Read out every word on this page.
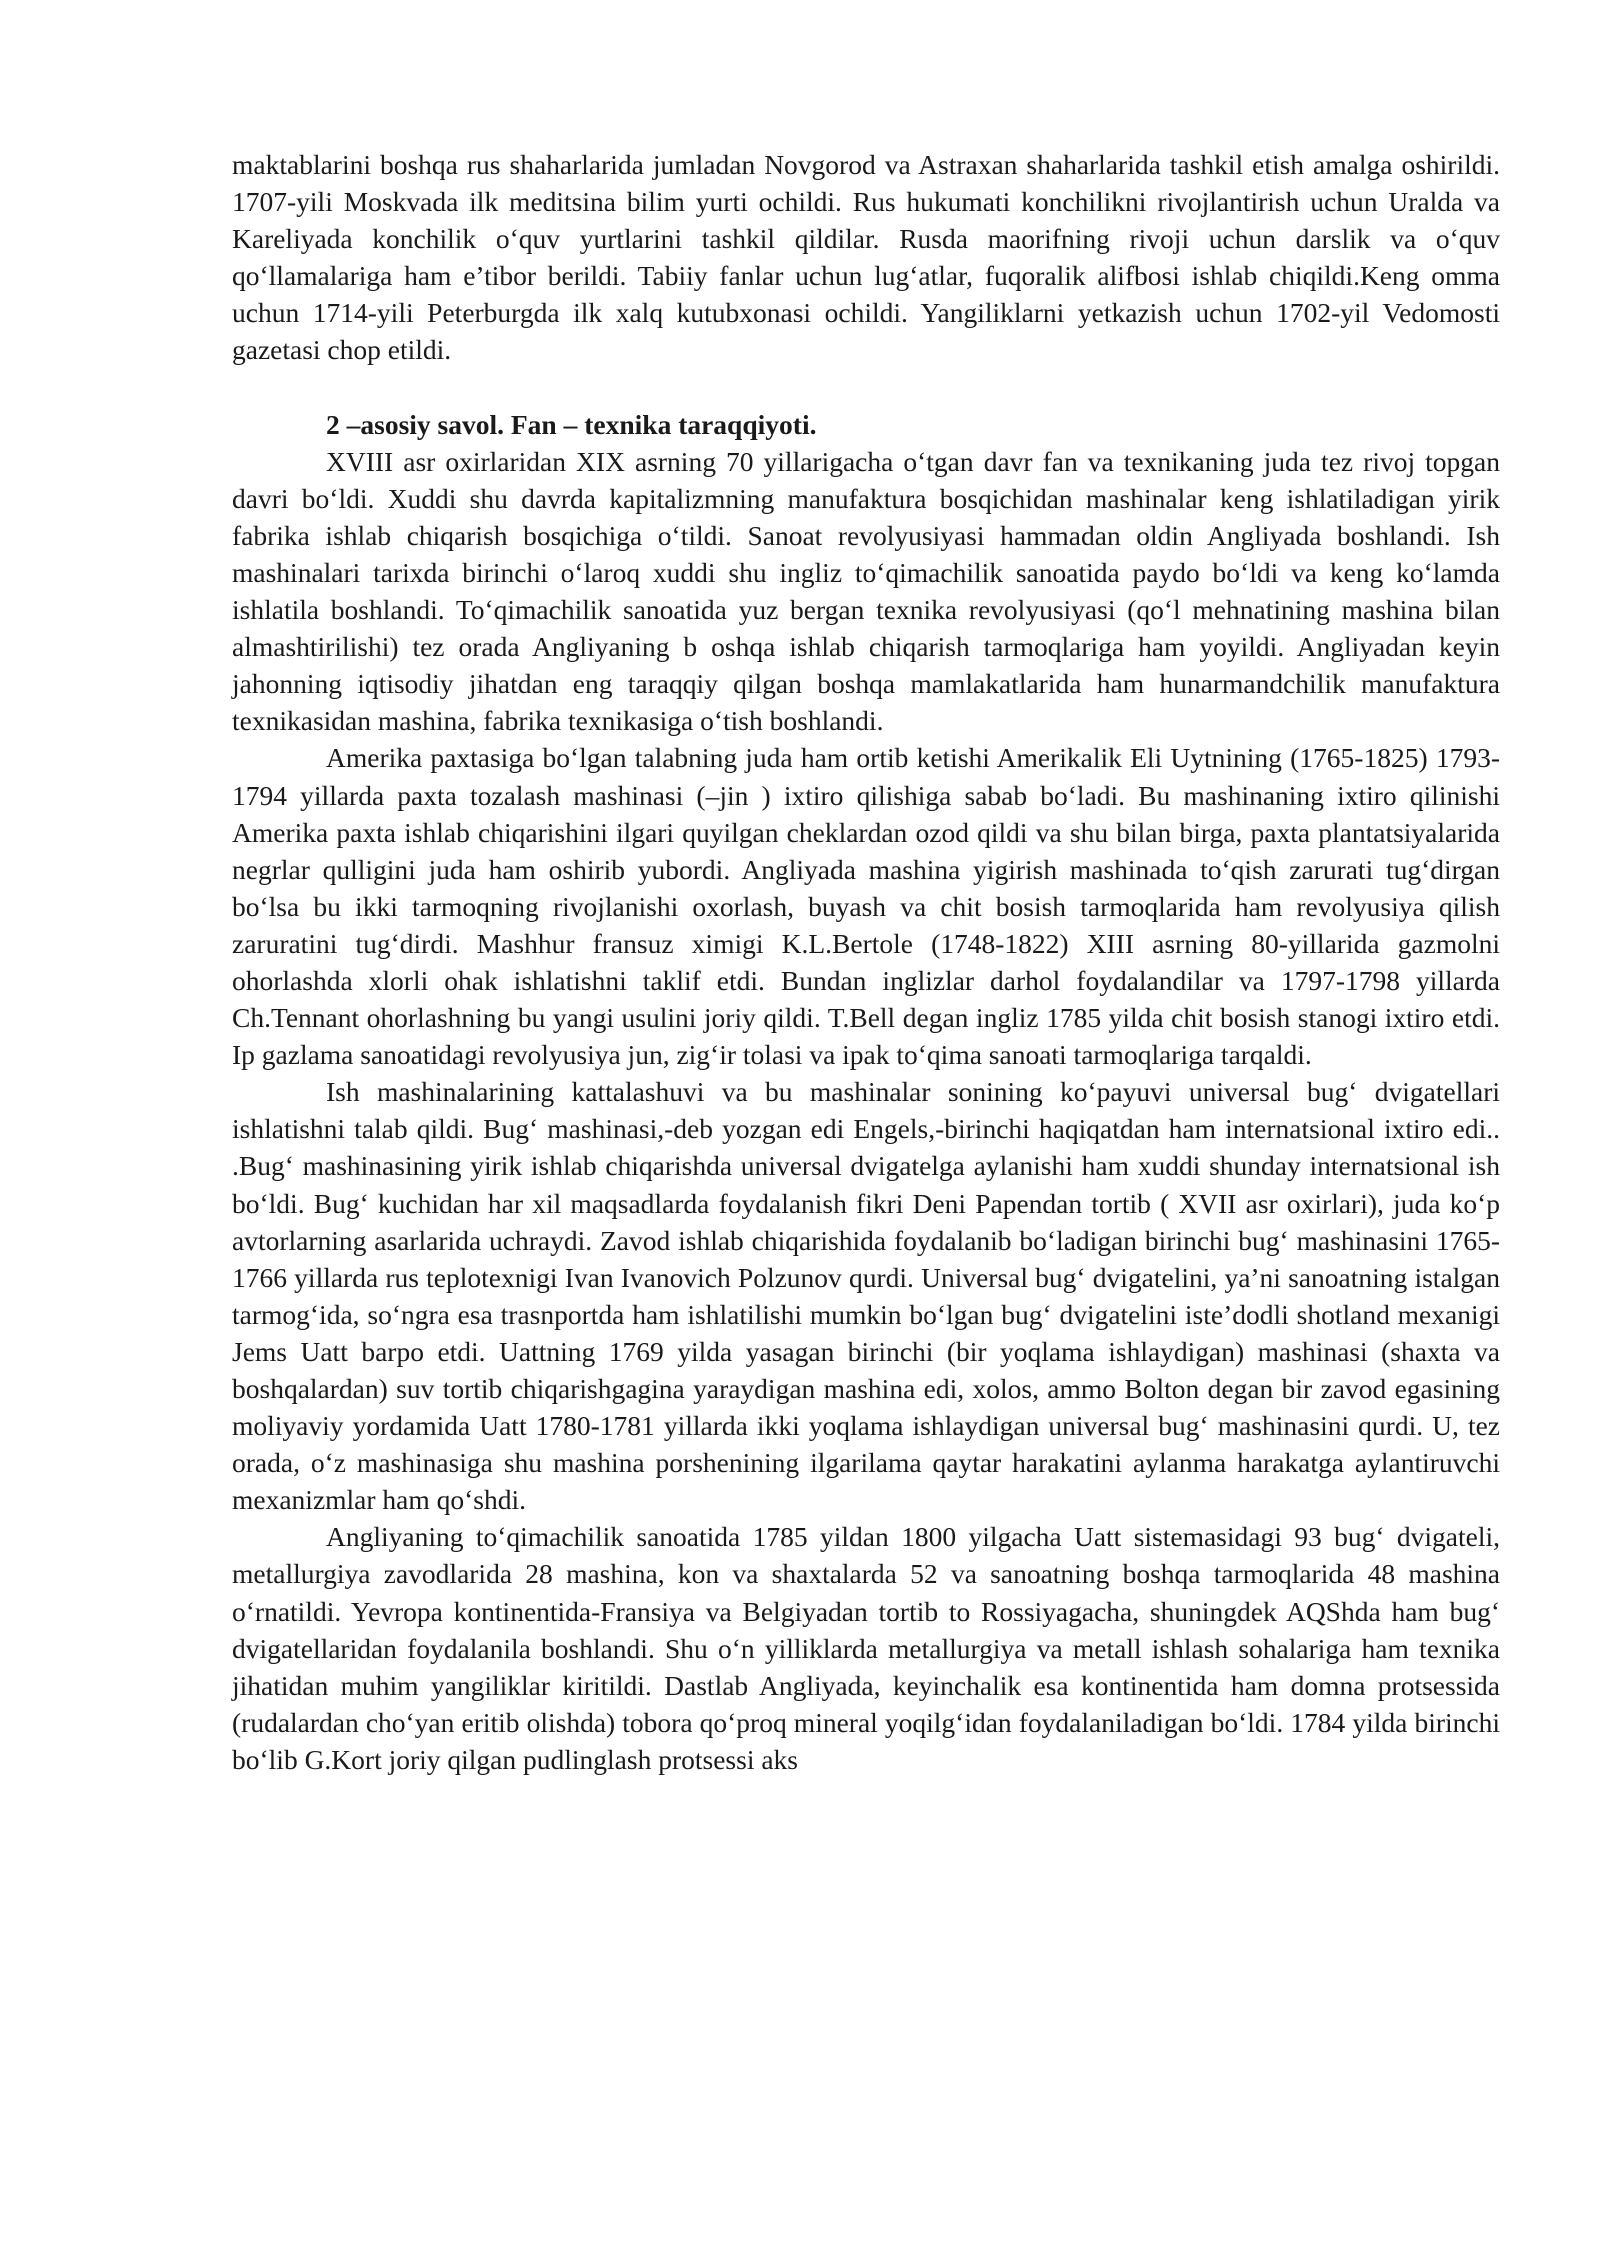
maktablarini boshqa rus shaharlarida jumladan Novgorod va Astraxan shaharlarida tashkil etish amalga oshirildi. 1707-yili Moskvada ilk meditsina bilim yurti ochildi. Rus hukumati konchilikni rivojlantirish uchun Uralda va Kareliyada konchilik o‘quv yurtlarini tashkil qildilar. Rusda maorifning rivoji uchun darslik va o‘quv qo‘llamalariga ham e’tibor berildi. Tabiiy fanlar uchun lug‘atlar, fuqoralik alifbosi ishlab chiqildi.Keng omma uchun 1714-yili Peterburgda ilk xalq kutubxonasi ochildi. Yangiliklarni yetkazish uchun 1702-yil Vedomosti gazetasi chop etildi.

2 –asosiy savol. Fan – texnika taraqqiyoti.

XVIII asr oxirlaridan XIX asrning 70 yillarigacha o‘tgan davr fan va texnikaning juda tez rivoj topgan davri bo‘ldi. Xuddi shu davrda kapitalizmning manufaktura bosqichidan mashinalar keng ishlatiladigan yirik fabrika ishlab chiqarish bosqichiga o‘tildi. Sanoat revolyusiyasi hammadan oldin Angliyada boshlandi. Ish mashinalari tarixda birinchi o‘laroq xuddi shu ingliz to‘qimachilik sanoatida paydo bo‘ldi va keng ko‘lamda ishlatila boshlandi. To‘qimachilik sanoatida yuz bergan texnika revolyusiyasi (qo‘l mehnatining mashina bilan almashtirilishi) tez orada Angliyaning b oshqa ishlab chiqarish tarmoqlariga ham yoyildi. Angliyadan keyin jahonning iqtisodiy jihatdan eng taraqqiy qilgan boshqa mamlakatlarida ham hunarmandchilik manufaktura texnikasidan mashina, fabrika texnikasiga o‘tish boshlandi.

Amerika paxtasiga bo‘lgan talabning juda ham ortib ketishi Amerikalik Eli Uytnining (1765-1825) 1793-1794 yillarda paxta tozalash mashinasi (–jin ) ixtiro qilishiga sabab bo‘ladi. Bu mashinaning ixtiro qilinishi Amerika paxta ishlab chiqarishini ilgari quyilgan cheklardan ozod qildi va shu bilan birga, paxta plantatsiyalarida negrlar qulligini juda ham oshirib yubordi. Angliyada mashina yigirish mashinada to‘qish zarurati tug‘dirgan bo‘lsa bu ikki tarmoqning rivojlanishi oxorlash, buyash va chit bosish tarmoqlarida ham revolyusiya qilish zaruratini tug‘dirdi. Mashhur fransuz ximigi K.L.Bertole (1748-1822) XIII asrning 80-yillarida gazmolni ohorlashda xlorli ohak ishlatishni taklif etdi. Bundan inglizlar darhol foydalandilar va 1797-1798 yillarda Ch.Tennant ohorlashning bu yangi usulini joriy qildi. T.Bell degan ingliz 1785 yilda chit bosish stanogi ixtiro etdi. Ip gazlama sanoatidagi revolyusiya jun, zig‘ir tolasi va ipak to‘qima sanoati tarmoqlariga tarqaldi.

Ish mashinalarining kattalashuvi va bu mashinalar sonining ko‘payuvi universal bug‘ dvigatellari ishlatishni talab qildi. Bug‘ mashinasi,-deb yozgan edi Engels,-birinchi haqiqatdan ham internatsional ixtiro edi.. .Bug‘ mashinasining yirik ishlab chiqarishda universal dvigatelga aylanishi ham xuddi shunday internatsional ish bo‘ldi. Bug‘ kuchidan har xil maqsadlarda foydalanish fikri Deni Papendan tortib ( XVII asr oxirlari), juda ko‘p avtorlarning asarlarida uchraydi. Zavod ishlab chiqarishida foydalanib bo‘ladigan birinchi bug‘ mashinasini 1765-1766 yillarda rus teplotexnigi Ivan Ivanovich Polzunov qurdi. Universal bug‘ dvigatelini, ya’ni sanoatning istalgan tarmog‘ida, so‘ngra esa trasnportda ham ishlatilishi mumkin bo‘lgan bug‘ dvigatelini iste’dodli shotland mexanigi Jems Uatt barpo etdi. Uattning 1769 yilda yasagan birinchi (bir yoqlama ishlaydigan) mashinasi (shaxta va boshqalardan) suv tortib chiqarishgagina yaraydigan mashina edi, xolos, ammo Bolton degan bir zavod egasining moliyaviy yordamida Uatt 1780-1781 yillarda ikki yoqlama ishlaydigan universal bug‘ mashinasini qurdi. U, tez orada, o‘z mashinasiga shu mashina porshenining ilgarilama qaytar harakatini aylanma harakatga aylantiruvchi mexanizmlar ham qo‘shdi.

Angliyaning to‘qimachilik sanoatida 1785 yildan 1800 yilgacha Uatt sistemasidagi 93 bug‘ dvigateli, metallurgiya zavodlarida 28 mashina, kon va shaxtalarda 52 va sanoatning boshqa tarmoqlarida 48 mashina o‘rnatildi. Yevropa kontinentida-Fransiya va Belgiyadan tortib to Rossiyagacha, shuningdek AQShda ham bug‘ dvigatellaridan foydalanila boshlandi. Shu o‘n yilliklarda metallurgiya va metall ishlash sohalariga ham texnika jihatidan muhim yangiliklar kiritildi. Dastlab Angliyada, keyinchalik esa kontinentida ham domna protsessida (rudalardan cho‘yan eritib olishda) tobora qo‘proq mineral yoqilg‘idan foydalaniladigan bo‘ldi. 1784 yilda birinchi bo‘lib G.Kort joriy qilgan pudlinglash protsessi aks
